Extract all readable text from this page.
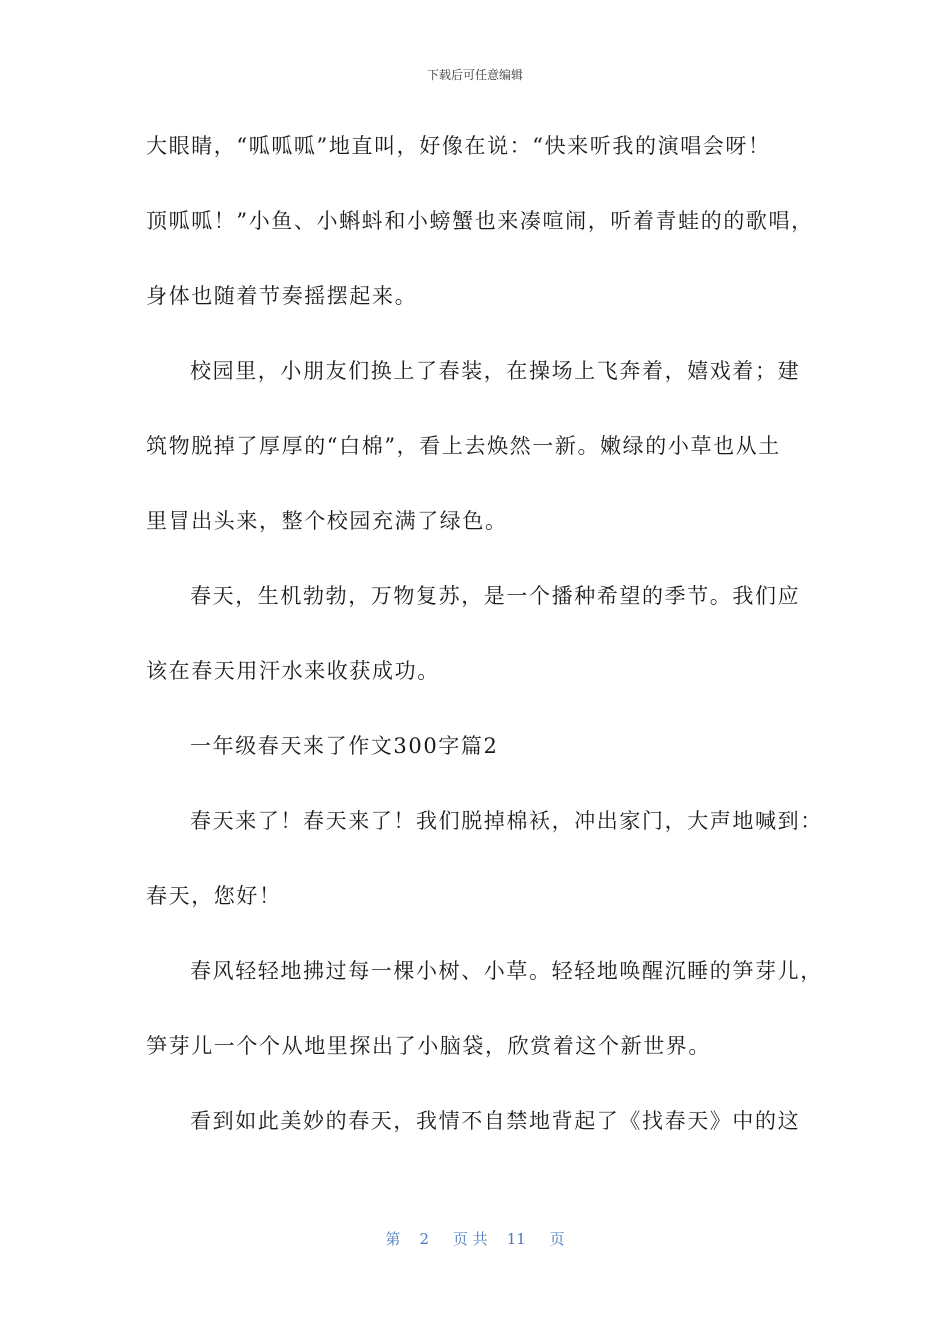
下载后可任意编辑
大眼睛，“呱呱呱”地直叫，好像在说：“快来听我的演唱会呀！
顶呱呱！”小鱼、小蝌蚪和小螃蟹也来凑喧闹，听着青蛙的的歌唱，
身体也随着节奏摇摆起来。
校园里，小朋友们换上了春装，在操场上飞奔着，嬉戏着；建
筑物脱掉了厚厚的“白棉”，看上去焕然一新。嫩绿的小草也从土
里冒出头来，整个校园充满了绿色。
春天，生机勃勃，万物复苏，是一个播种希望的季节。我们应
该在春天用汗水来收获成功。
一年级春天来了作文300字篇2
春天来了！春天来了！我们脱掉棉袄，冲出家门，大声地喊到：
春天，您好！
春风轻轻地拂过每一棵小树、小草。轻轻地唤醒沉睡的笋芽儿，
笋芽儿一个个从地里探出了小脑袋，欣赏着这个新世界。
看到如此美妙的春天，我情不自禁地背起了《找春天》中的这
第 2 页 共 11 页
